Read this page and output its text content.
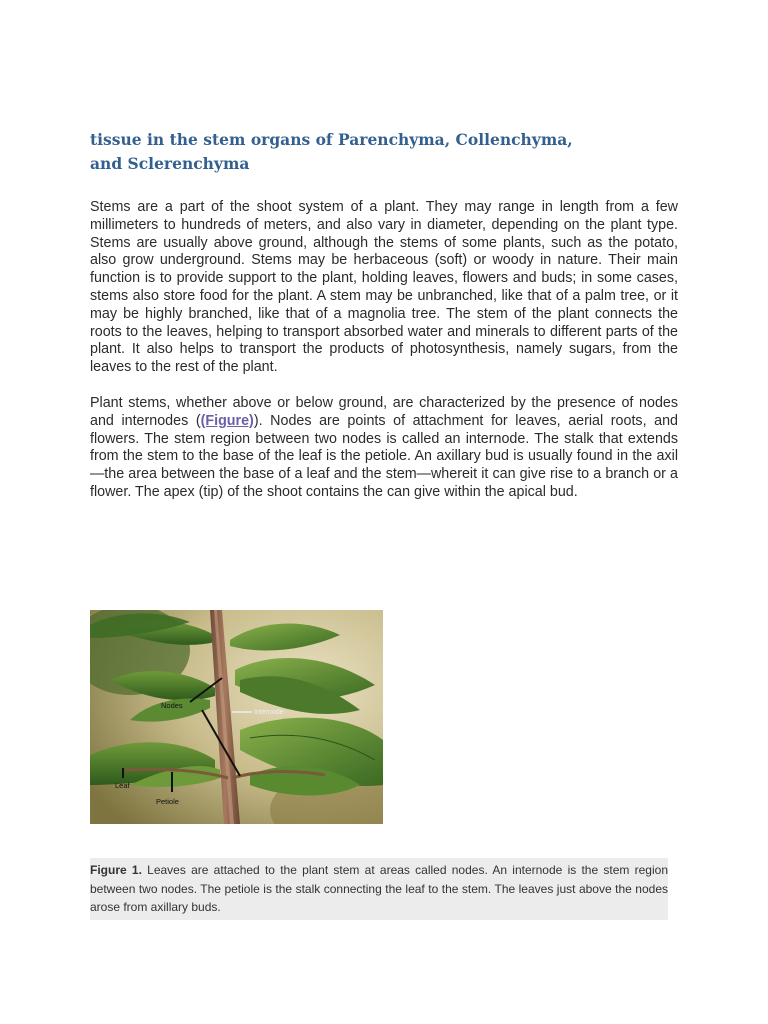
tissue in the stem organs of Parenchyma, Collenchyma, and Sclerenchyma

Stems are a part of the shoot system of a plant. They may range in length from a few millimeters to hundreds of meters, and also vary in diameter, depending on the plant type. Stems are usually above ground, although the stems of some plants, such as the potato, also grow underground. Stems may be herbaceous (soft) or woody in nature. Their main function is to provide support to the plant, holding leaves, flowers and buds; in some cases, stems also store food for the plant. A stem may be unbranched, like that of a palm tree, or it may be highly branched, like that of a magnolia tree. The stem of the plant connects the roots to the leaves, helping to transport absorbed water and minerals to different parts of the plant. It also helps to transport the products of photosynthesis, namely sugars, from the leaves to the rest of the plant.

Plant stems, whether above or below ground, are characterized by the presence of nodes and internodes ((Figure)). Nodes are points of attachment for leaves, aerial roots, and flowers. The stem region between two nodes is called an internode. The stalk that extends from the stem to the base of the leaf is the petiole. An axillary bud is usually found in the axil—the area between the base of a leaf and the stem—whereit it can give rise to a branch or a flower. The apex (tip) of the shoot contains the can give within the apical bud.

Nodes
Internode
Leaf
Petiole
Figure 1. Leaves are attached to the plant stem at areas called nodes. An internode is the stem region between two nodes. The petiole is the stalk connecting the leaf to the stem. The leaves just above the nodes arose from axillary buds.
